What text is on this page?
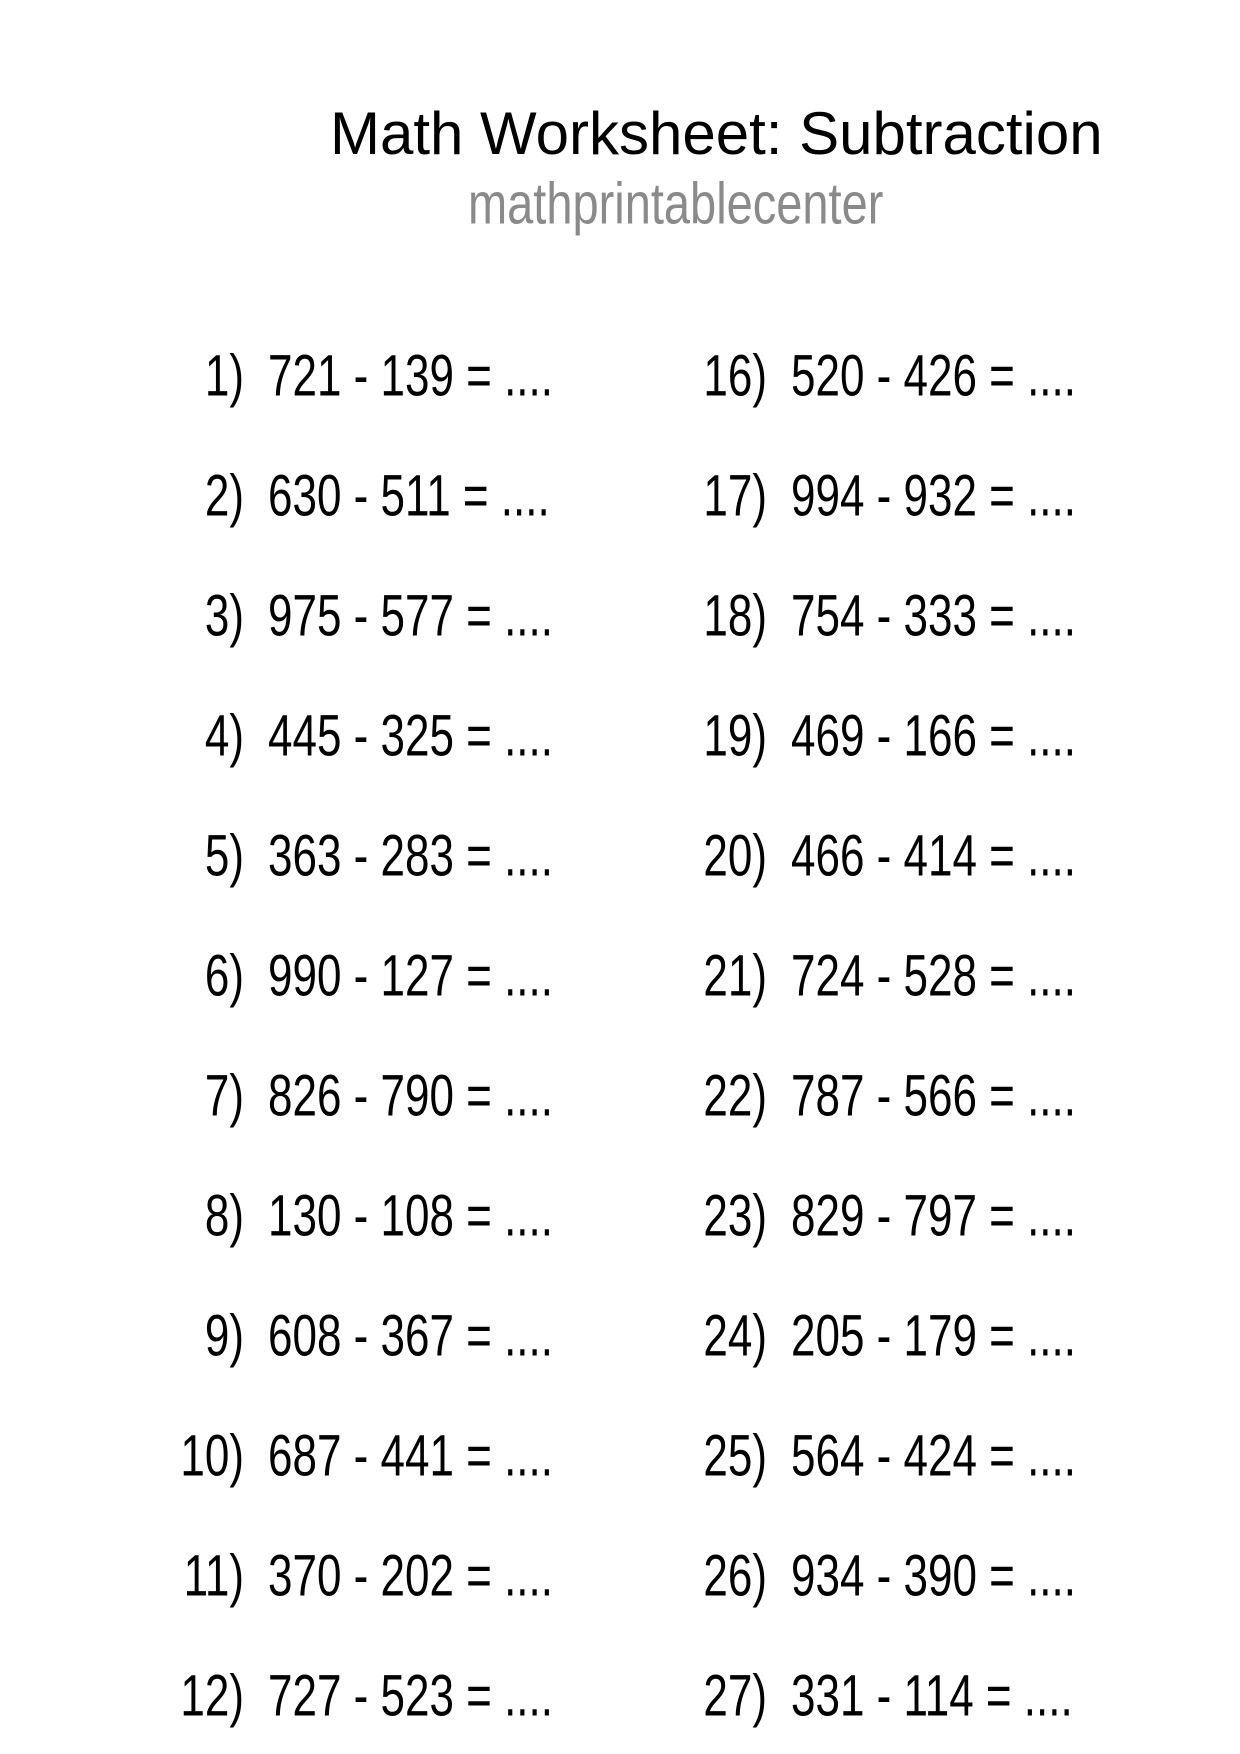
Math Worksheet: Subtraction
mathprintablecenter
1) 721 - 139 = ....
2) 630 - 511 = ....
3) 975 - 577 = ....
4) 445 - 325 = ....
5) 363 - 283 = ....
6) 990 - 127 = ....
7) 826 - 790 = ....
8) 130 - 108 = ....
9) 608 - 367 = ....
10) 687 - 441 = ....
11) 370 - 202 = ....
12) 727 - 523 = ....
16) 520 - 426 = ....
17) 994 - 932 = ....
18) 754 - 333 = ....
19) 469 - 166 = ....
20) 466 - 414 = ....
21) 724 - 528 = ....
22) 787 - 566 = ....
23) 829 - 797 = ....
24) 205 - 179 = ....
25) 564 - 424 = ....
26) 934 - 390 = ....
27) 331 - 114 = ....
